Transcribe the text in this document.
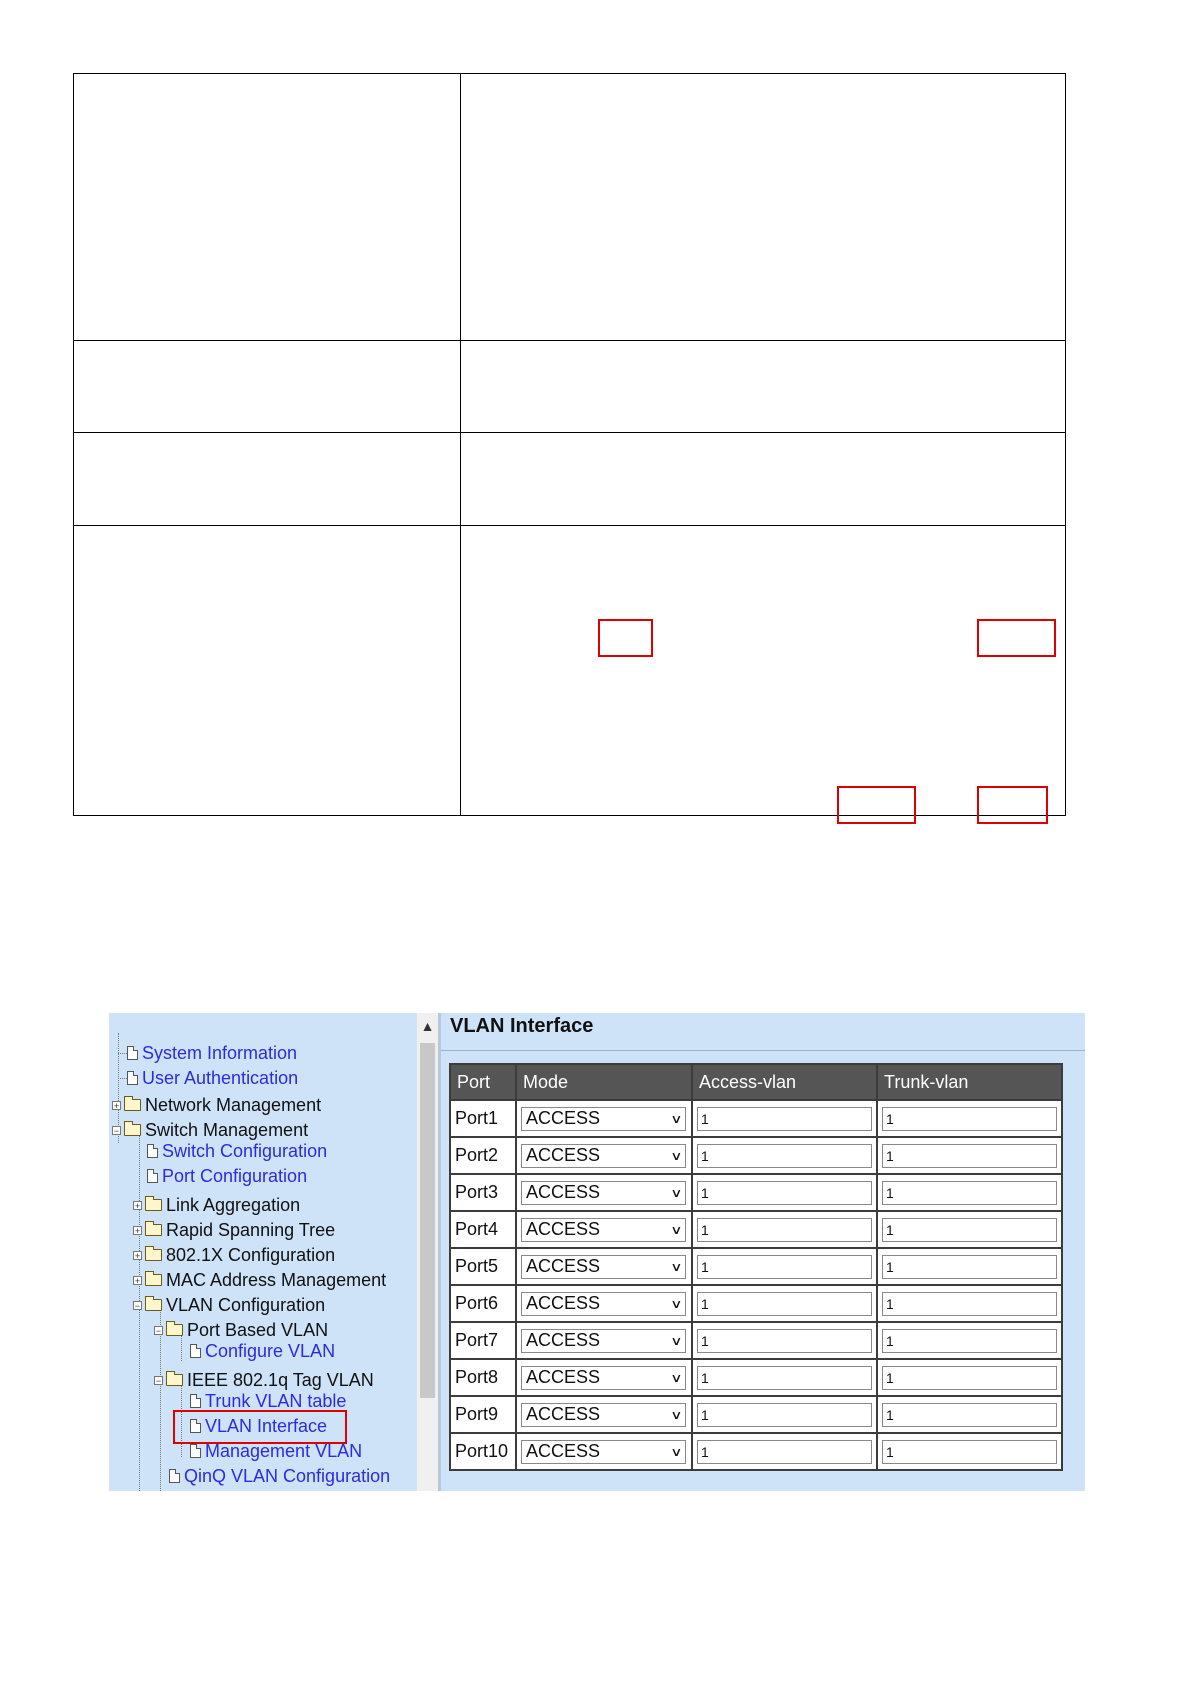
System Information
User Authentication
+ Network Management
− Switch Management
Switch Configuration
Port Configuration
+ Link Aggregation
+ Rapid Spanning Tree
+ 802.1X Configuration
+ MAC Address Management
− VLAN Configuration
− Port Based VLAN
Configure VLAN
− IEEE 802.1q Tag VLAN
Trunk VLAN table
VLAN Interface
Management VLAN
QinQ VLAN Configuration
▲ VLAN Interface
Port	Mode	Access-vlan	Trunk-vlan
Port1	ACCESS ∨	1	1

Port2	ACCESS ∨	1	1

Port3	ACCESS ∨	1	1

Port4	ACCESS ∨	1	1

Port5	ACCESS ∨	1	1

Port6	ACCESS ∨	1	1

Port7	ACCESS ∨	1	1

Port8	ACCESS ∨	1	1

Port9	ACCESS ∨	1	1

Port10	ACCESS ∨	1	1
